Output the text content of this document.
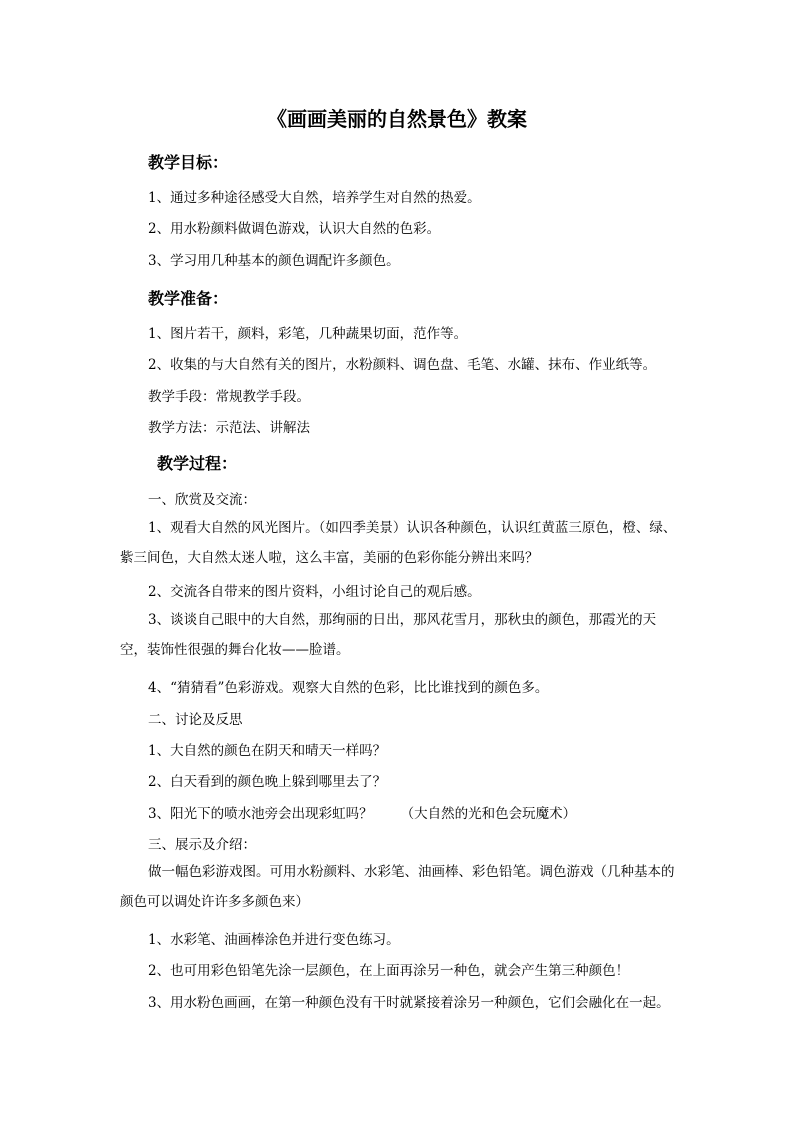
《画画美丽的自然景色》教案
教学目标：
1、通过多种途径感受大自然，培养学生对自然的热爱。
2、用水粉颜料做调色游戏，认识大自然的色彩。
3、学习用几种基本的颜色调配许多颜色。
教学准备：
1、图片若干，颜料，彩笔，几种蔬果切面，范作等。
2、收集的与大自然有关的图片，水粉颜料、调色盘、毛笔、水罐、抹布、作业纸等。
教学手段：常规教学手段。
教学方法：示范法、讲解法
教学过程：
一、欣赏及交流：
1、观看大自然的风光图片。（如四季美景）认识各种颜色，认识红黄蓝三原色，橙、绿、紫三间色，大自然太迷人啦，这么丰富，美丽的色彩你能分辨出来吗？
2、交流各自带来的图片资料，小组讨论自己的观后感。
3、谈谈自己眼中的大自然，那绚丽的日出，那风花雪月，那秋虫的颜色，那霞光的天空，装饰性很强的舞台化妆——脸谱。
4、“猜猜看”色彩游戏。观察大自然的色彩，比比谁找到的颜色多。
二、讨论及反思
1、大自然的颜色在阴天和晴天一样吗？
2、白天看到的颜色晚上躲到哪里去了？
3、阳光下的喷水池旁会出现彩虹吗？ （大自然的光和色会玩魔术）
三、展示及介绍：
做一幅色彩游戏图。可用水粉颜料、水彩笔、油画棒、彩色铅笔。调色游戏（几种基本的颜色可以调处许许多多颜色来）
1、水彩笔、油画棒涂色并进行变色练习。
2、也可用彩色铅笔先涂一层颜色，在上面再涂另一种色，就会产生第三种颜色！
3、用水粉色画画，在第一种颜色没有干时就紧接着涂另一种颜色，它们会融化在一起。
